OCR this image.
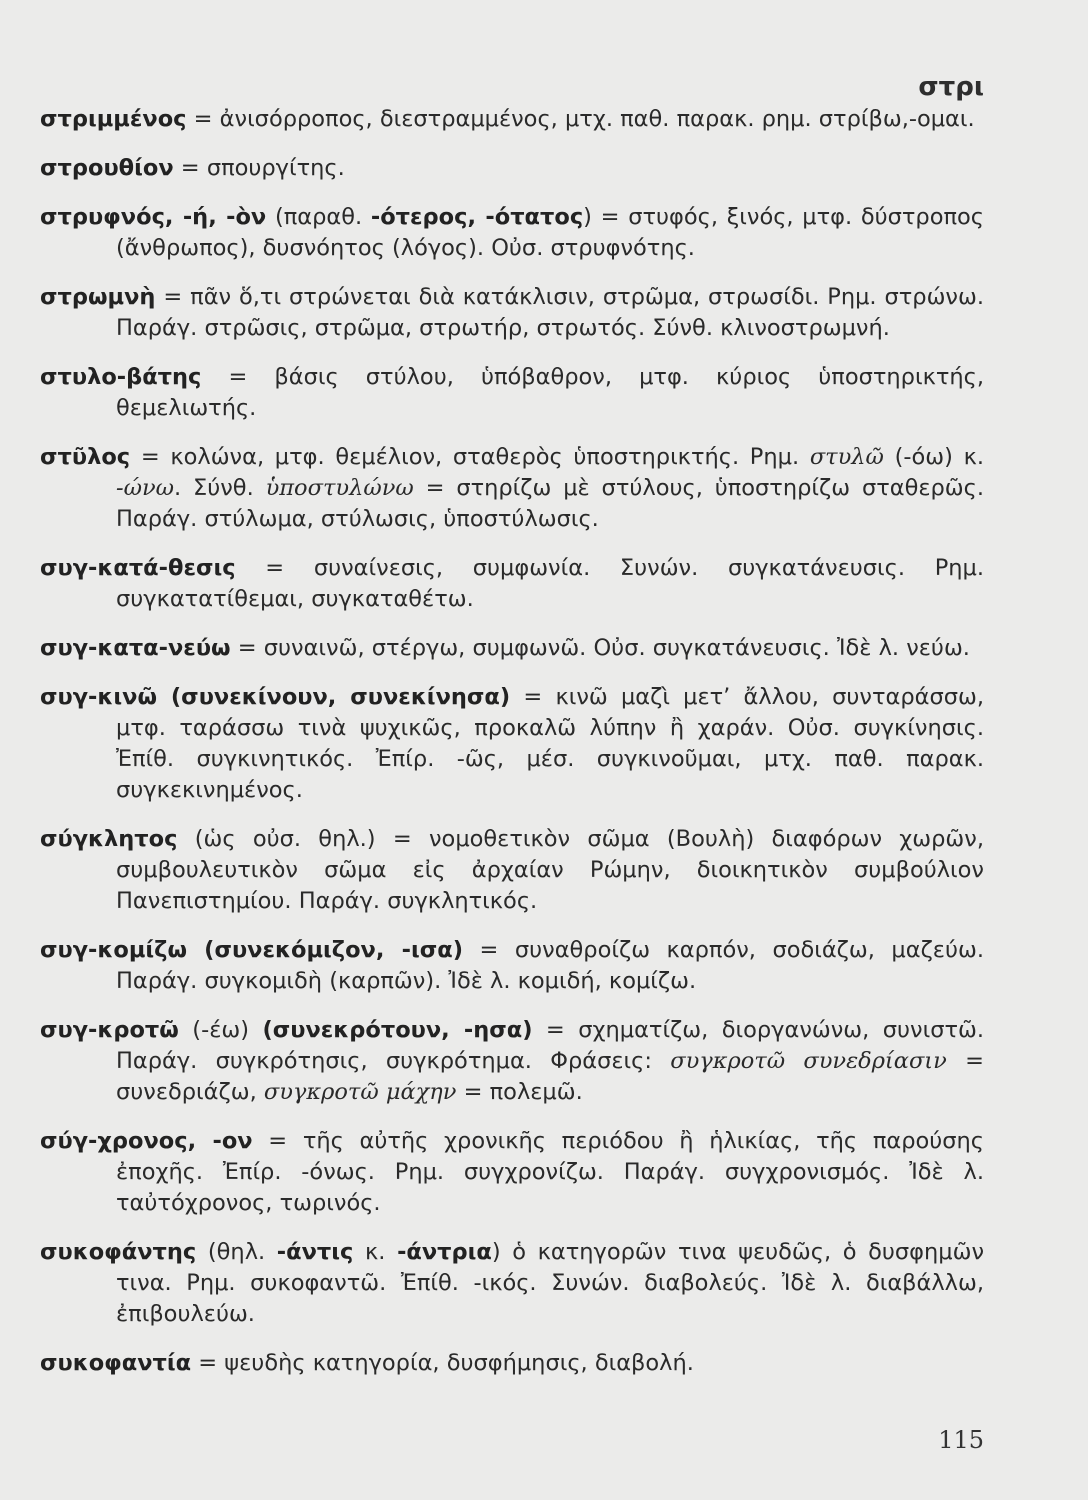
στρι
στριμμένος = ἀνισόρροπος, διεστραμμένος, μτχ. παθ. παρακ. ρημ. στρίβω,-ομαι.
στρουθίον = σπουργίτης.
στρυφνός, -ή, -ὸν (παραθ. -ότερος, -ότατος) = στυφός, ξινός, μτφ. δύστροπος (ἄνθρωπος), δυσνόητος (λόγος). Οὐσ. στρυφνότης.
στρωμνὴ = πᾶν ὅ,τι στρώνεται διὰ κατάκλισιν, στρῶμα, στρωσίδι. Ρημ. στρώνω. Παράγ. στρῶσις, στρῶμα, στρωτήρ, στρωτός. Σύνθ. κλινοστρωμνή.
στυλο-βάτης = βάσις στύλου, ὑπόβαθρον, μτφ. κύριος ὑποστηρικτής, θεμελιωτής.
στῦλος = κολώνα, μτφ. θεμέλιον, σταθερὸς ὑποστηρικτής. Ρημ. στυλῶ (-όω) κ. -ώνω. Σύνθ. ὑποστυλώνω = στηρίζω μὲ στύλους, ὑποστηρίζω σταθερῶς. Παράγ. στύλωμα, στύλωσις, ὑποστύλωσις.
συγ-κατά-θεσις = συναίνεσις, συμφωνία. Συνών. συγκατάνευσις. Ρημ. συγκατατίθεμαι, συγκαταθέτω.
συγ-κατα-νεύω = συναινῶ, στέργω, συμφωνῶ. Οὐσ. συγκατάνευσις. Ἰδὲ λ. νεύω.
συγ-κινῶ (συνεκίνουν, συνεκίνησα) = κινῶ μαζὶ μετ’ ἄλλου, συνταράσσω, μτφ. ταράσσω τινὰ ψυχικῶς, προκαλῶ λύπην ἢ χαράν. Οὐσ. συγκίνησις. Ἐπίθ. συγκινητικός. Ἐπίρ. -ῶς, μέσ. συγκινοῦμαι, μτχ. παθ. παρακ. συγκεκινημένος.
σύγκλητος (ὡς οὐσ. θηλ.) = νομοθετικὸν σῶμα (Βουλὴ) διαφόρων χωρῶν, συμβουλευτικὸν σῶμα εἰς ἀρχαίαν Ρώμην, διοικητικὸν συμβούλιον Πανεπιστημίου. Παράγ. συγκλητικός.
συγ-κομίζω (συνεκόμιζον, -ισα) = συναθροίζω καρπόν, σοδιάζω, μαζεύω. Παράγ. συγκομιδὴ (καρπῶν). Ἰδὲ λ. κομιδή, κομίζω.
συγ-κροτῶ (-έω) (συνεκρότουν, -ησα) = σχηματίζω, διοργανώνω, συνιστῶ. Παράγ. συγκρότησις, συγκρότημα. Φράσεις: συγκροτῶ συνεδρίασιν = συνεδριάζω, συγκροτῶ μάχην = πολεμῶ.
σύγ-χρονος, -ον = τῆς αὐτῆς χρονικῆς περιόδου ἢ ἡλικίας, τῆς παρούσης ἐποχῆς. Ἐπίρ. -όνως. Ρημ. συγχρονίζω. Παράγ. συγχρονισμός. Ἰδὲ λ. ταὐτόχρονος, τωρινός.
συκοφάντης (θηλ. -άντις κ. -άντρια) ὁ κατηγορῶν τινα ψευδῶς, ὁ δυσφημῶν τινα. Ρημ. συκοφαντῶ. Ἐπίθ. -ικός. Συνών. διαβολεύς. Ἰδὲ λ. διαβάλλω, ἐπιβουλεύω.
συκοφαντία = ψευδὴς κατηγορία, δυσφήμησις, διαβολή.
115
